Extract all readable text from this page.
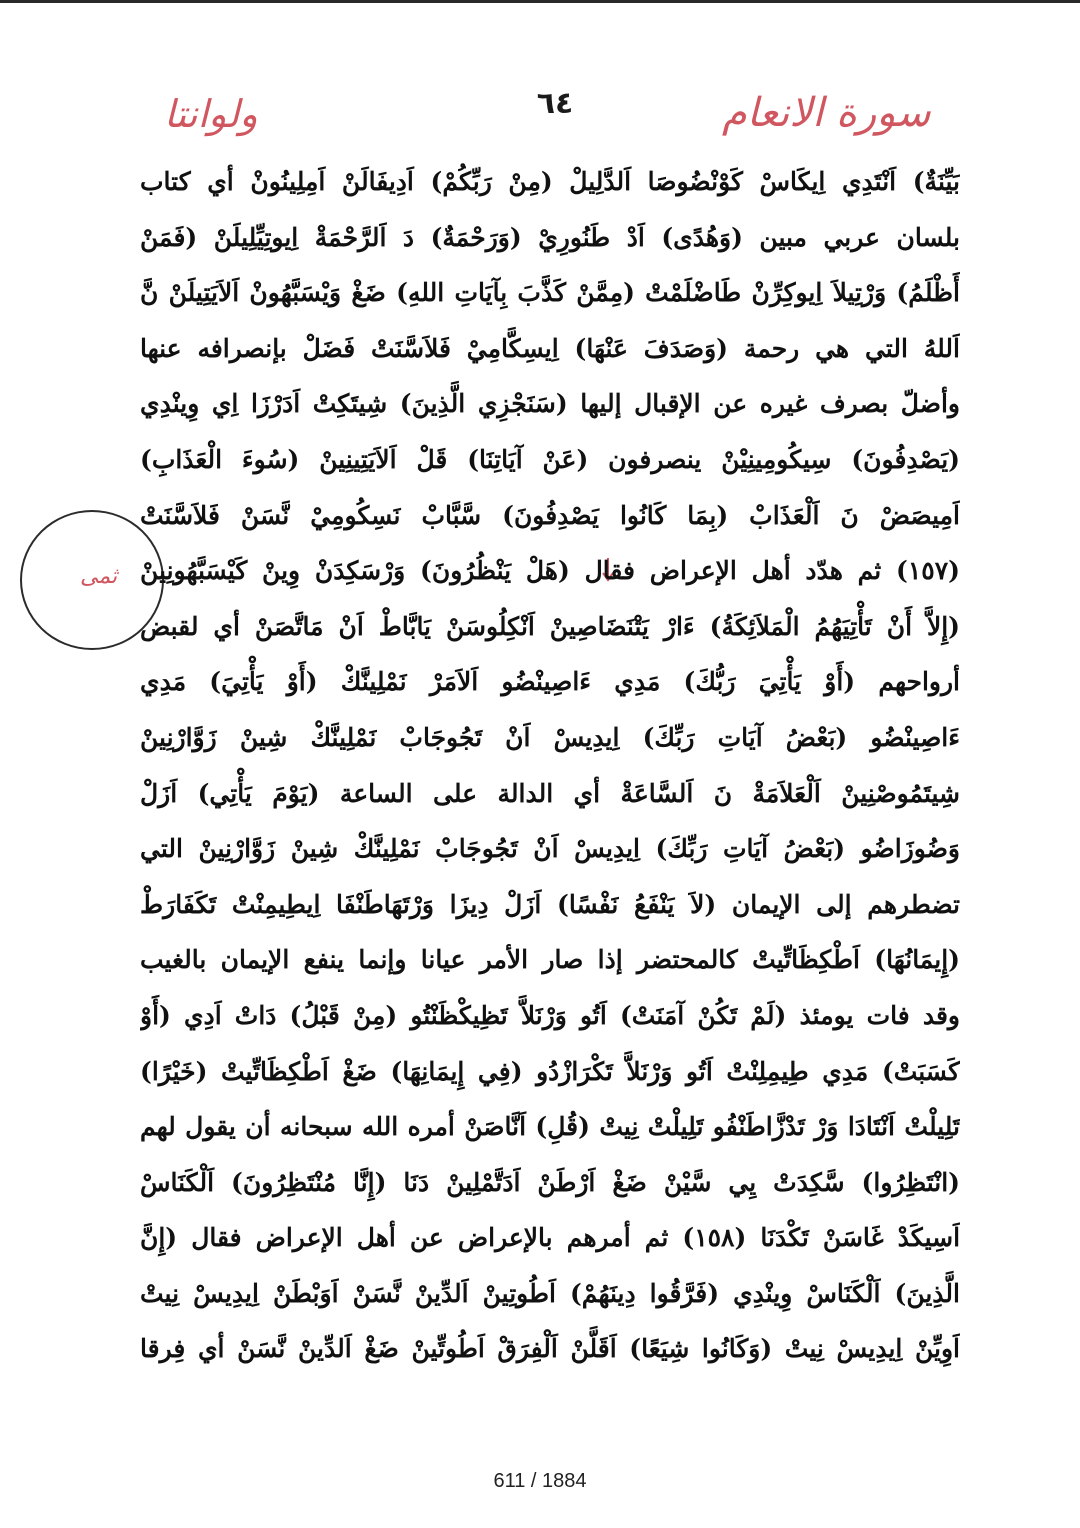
ولوانتا	٦٤	سورة الانعام
ثمی
بَيِّنَةٌ) اَنْتَدِي اِيكَاسْ كَوْنْضُوصَا اَلدَّلِيلْ (مِنْ رَبِّكُمْ) اَدِيفَالَنْ اَمِلِينُونْ أي كتاب
بلسان عربي مبين (وَهُدًى) اَدْ طَنُورِيْ (وَرَحْمَةٌ) دَ اَلرَّحْمَةْ اِيوتِيِّلِيلَنْ (فَمَنْ
أَظْلَمُ) وَرْتِيلاَ اِيوكِرِّنْ طَاضْلَمْتْ (مِمَّنْ كَذَّبَ بِآيَاتِ اللهِ) ضَغْ وَيْسَبَّهُونْ اَلاَيَتِيلَنْ نَّ
اَللهُ التي هي رحمة (وَصَدَفَ عَنْهَا) اِيسِكَّامِيْ فَلاَسَّنَتْ فَضَلْ بإنصرافه عنها
وأضلّ بصرف غيره عن الإقبال إليها (سَنَجْزِي الَّذِينَ) شِيتَكِتْ اَدَرْزَا اِي وِينْدِي
(يَصْدِفُونَ) سِيكُومِينِيْنْ ينصرفون (عَنْ آيَاتِنَا) قَلْ اَلاَيَتِينِينْ (سُوءَ الْعَذَابِ)
اَمِيصَضْ نَ اَلْعَذَابْ (بِمَا كَانُوا يَصْدِفُونَ) سَّبَّابْ نَسِكُومِيْ نَّسَنْ فَلاَسَّنَتْ
(١٥٧) ثم هدّد أهل الإعراض فقال (هَلْ يَنْظُرُونَ) وَرْسَكِدَنْ وِينْ كَيْسَبَّهُونِينْ
(إِلاَّ أَنْ تَأْتِيَهُمُ الْمَلاَئِكَةُ) ءَارْ يَتْنَضَاصِينْ اَنْكِلُوسَنْ يَابَّاطْ اَنْ مَاتَّصَنْ أي لقبض
أرواحهم (أَوْ يَأْتِيَ رَبُّكَ) مَدِي ءَاصِينْضُو اَلاَمَرْ نَمْلِينَّكْ (أَوْ يَأْتِيَ) مَدِي
ءَاصِينْضُو (بَعْضُ آيَاتِ رَبِّكَ) اِيدِيسْ اَنْ تَجُوجَابْ نَمْلِينَّكْ شِينْ زَوَّارْنِينْ
شِيتَمُوصْنِينْ اَلْعَلاَمَةْ نَ اَلسَّاعَةْ أي الدالة على الساعة (يَوْمَ يَأْتِي) اَزَلْ
وَضُوزَاضُو (بَعْضُ آيَاتِ رَبِّكَ) اِيدِيسْ اَنْ تَجُوجَابْ نَمْلِينَّكْ شِينْ زَوَّارْنِينْ التي
تضطرهم إلى الإيمان (لاَ يَنْفَعُ نَفْسًا) اَزَلْ دِيزَا وَرْتَهَاطَنْفَا اِيطِيمِنْتْ تَكَفَارَطْ
(إِيمَانُهَا) اَطْكِظَاتِّيتْ كالمحتضر إذا صار الأمر عيانا وإنما ينفع الإيمان بالغيب
وقد فات يومئذ (لَمْ تَكُنْ آمَنَتْ) اَتُو وَرْنَلاَّ تَظِيكْظَنْتُو (مِنْ قَبْلُ) دَاتْ اَدِي (أَوْ
كَسَبَتْ) مَدِي طِيمِلِنْتْ اَتُو وَرْنَلاَّ تَكْرَازْدُو (فِي إِيمَانِهَا) ضَغْ اَطْكِظَاتِّيتْ (خَيْرًا)
تَلِيلْتْ اَنْتَادَا وَرْ تَدْزَّاطَنْفُو تَلِيلْتْ نِيتْ (قُلِ) اَنَّاصَنْ أمره الله سبحانه أن يقول لهم
(انْتَظِرُوا) سَّكِدَتْ يِي سَّيْنْ ضَغْ اَرْطَنْ اَدَتَّمْلِينْ دَنَا (إِنَّا مُنْتَظِرُونَ) اَلْكَنَاسْ
اَسِيكَدْ غَاسَنْ تَكْدَنَا (١٥٨) ثم أمرهم بالإعراض عن أهل الإعراض فقال (إِنَّ
الَّذِينَ) اَلْكَنَاسْ وِينْدِي (فَرَّقُوا دِينَهُمْ) اَطُوتِينْ اَلدِّينْ نَّسَنْ اَوَبْطَنْ اِيدِيسْ نِيتْ
اَوِيِّنْ اِيدِيسْ نِيتْ (وَكَانُوا شِيَعًا) اَقَلَّنْ اَلْفِرَقْ اَطُوتِّينْ ضَغْ اَلدِّينْ نَّسَنْ أي فِرقا
611 / 1884
